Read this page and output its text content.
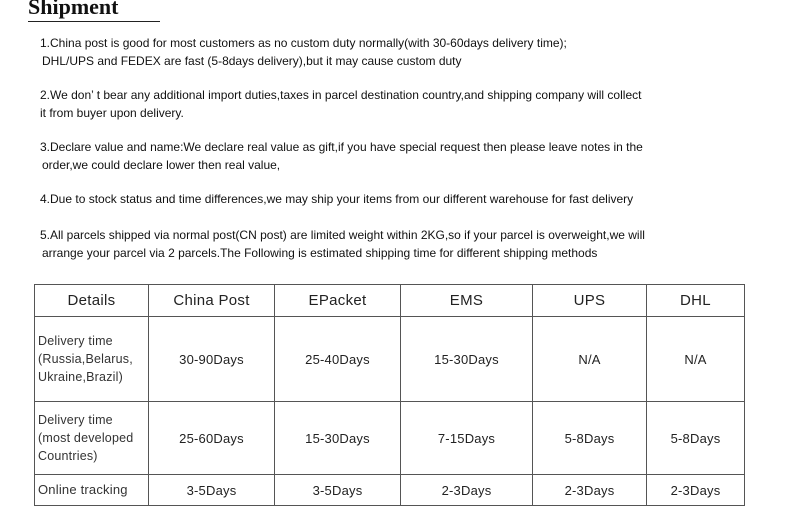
Shipment
1.China post is good for most customers as no custom duty normally(with 30-60days delivery time);
DHL/UPS and FEDEX are fast (5-8days delivery),but it may cause custom duty
2.We don’ t bear any additional import duties,taxes in parcel destination country,and shipping company will collect
it from buyer upon delivery.
3.Declare value and name:We declare real value as gift,if you have special request then please leave notes in the
order,we could declare lower then real value,
4.Due to stock status and time differences,we may ship your items from our different warehouse for fast delivery
5.All parcels shipped via normal post(CN post) are limited weight within 2KG,so if your parcel is overweight,we will
arrange your parcel via 2 parcels.The Following is estimated shipping time for different shipping methods
Details	China Post	EPacket	EMS	UPS	DHL

Delivery time
(Russia,Belarus,
Ukraine,Brazil)	30-90Days	25-40Days	15-30Days	N/A	N/A

Delivery time
(most developed
Countries)	25-60Days	15-30Days	7-15Days	5-8Days	5-8Days

Online tracking	3-5Days	3-5Days	2-3Days	2-3Days	2-3Days
